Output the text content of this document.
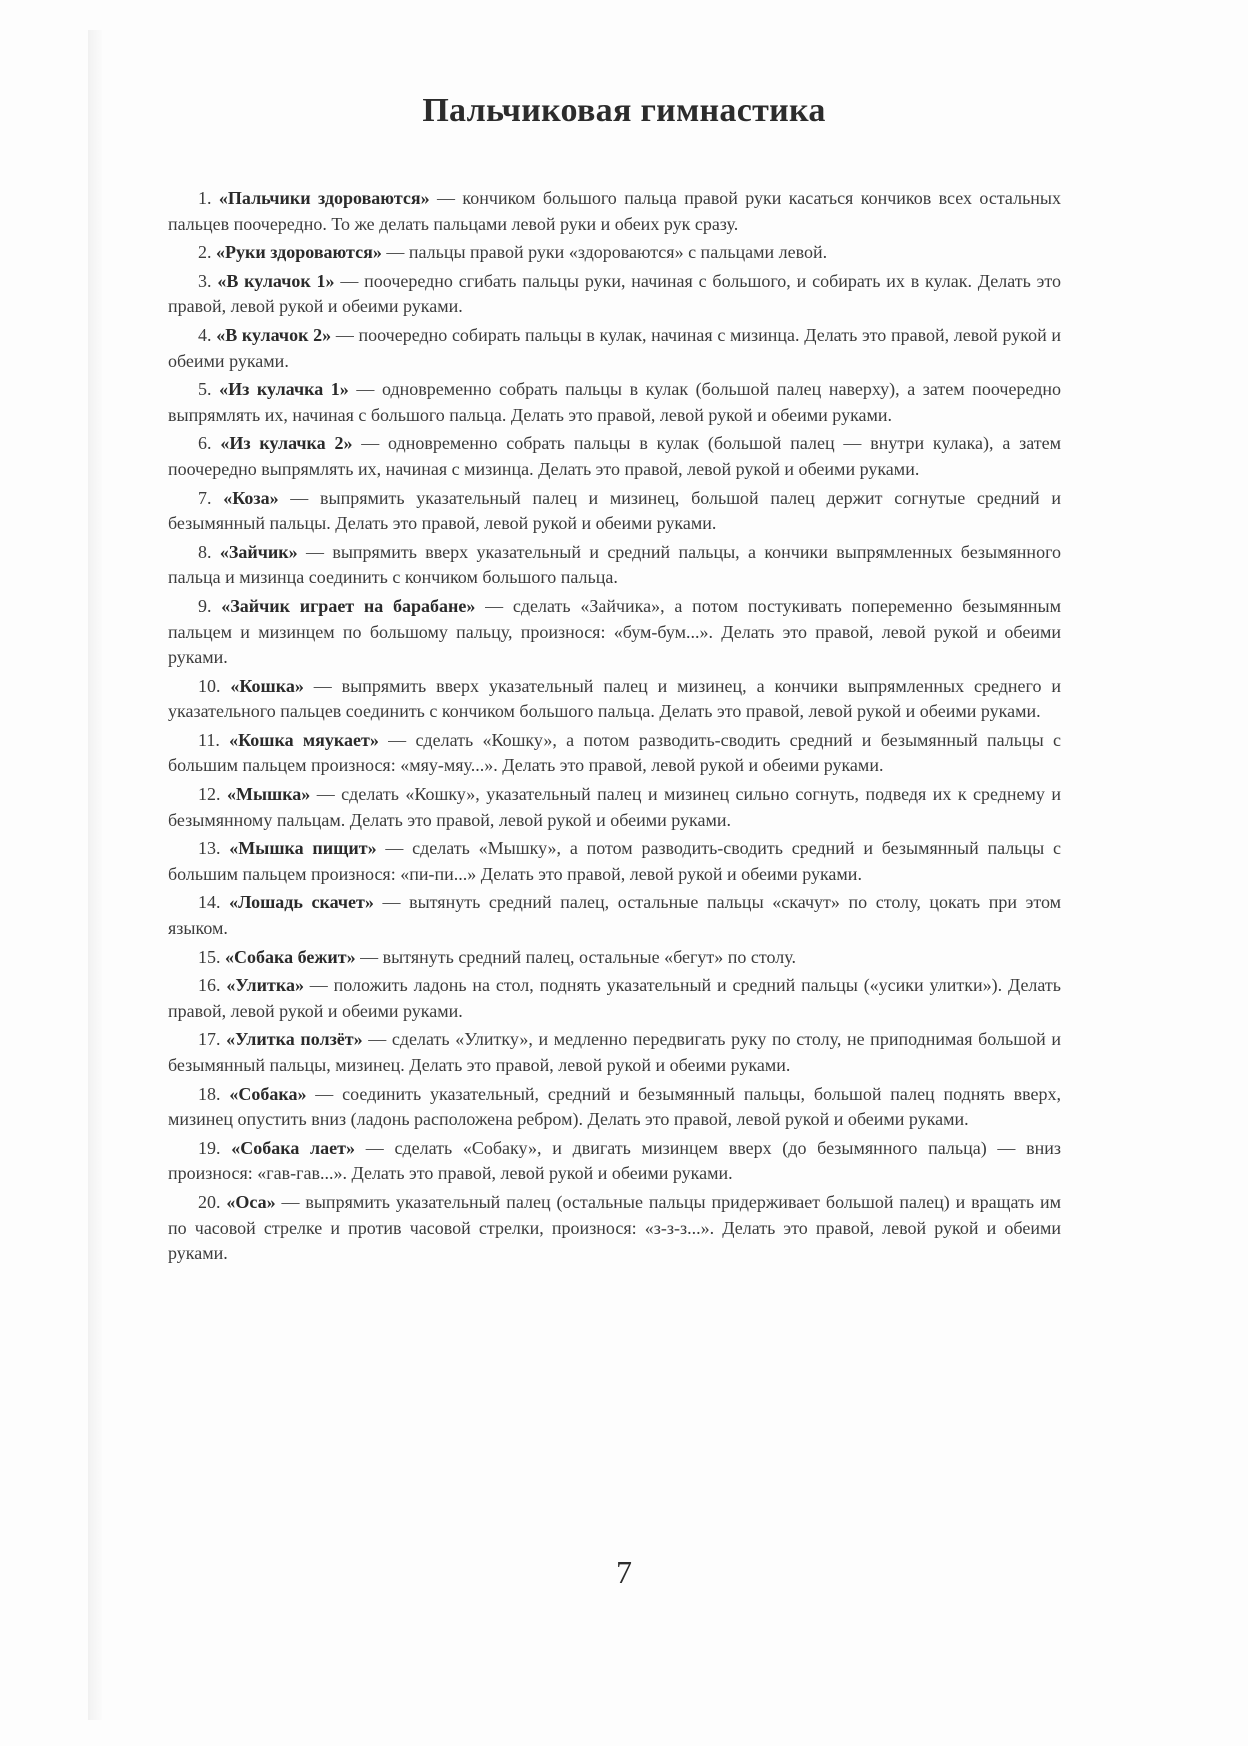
Пальчиковая гимнастика

1. «Пальчики здороваются» — кончиком большого пальца правой руки касаться кончиков всех остальных пальцев поочередно. То же делать пальцами левой руки и обеих рук сразу.

2. «Руки здороваются» — пальцы правой руки «здороваются» с пальцами левой.

3. «В кулачок 1» — поочередно сгибать пальцы руки, начиная с большого, и собирать их в кулак. Делать это правой, левой рукой и обеими руками.

4. «В кулачок 2» — поочередно собирать пальцы в кулак, начиная с мизинца. Делать это правой, левой рукой и обеими руками.

5. «Из кулачка 1» — одновременно собрать пальцы в кулак (большой палец наверху), а затем поочередно выпрямлять их, начиная с большого пальца. Делать это правой, левой рукой и обеими руками.

6. «Из кулачка 2» — одновременно собрать пальцы в кулак (большой палец — внутри кулака), а затем поочередно выпрямлять их, начиная с мизинца. Делать это правой, левой рукой и обеими руками.

7. «Коза» — выпрямить указательный палец и мизинец, большой палец держит согнутые средний и безымянный пальцы. Делать это правой, левой рукой и обеими руками.

8. «Зайчик» — выпрямить вверх указательный и средний пальцы, а кончики выпрямленных безымянного пальца и мизинца соединить с кончиком большого пальца.

9. «Зайчик играет на барабане» — сделать «Зайчика», а потом постукивать попеременно безымянным пальцем и мизинцем по большому пальцу, произнося: «бум-бум...». Делать это правой, левой рукой и обеими руками.

10. «Кошка» — выпрямить вверх указательный палец и мизинец, а кончики выпрямленных среднего и указательного пальцев соединить с кончиком большого пальца. Делать это правой, левой рукой и обеими руками.

11. «Кошка мяукает» — сделать «Кошку», а потом разводить-сводить средний и безымянный пальцы с большим пальцем произнося: «мяу-мяу...». Делать это правой, левой рукой и обеими руками.

12. «Мышка» — сделать «Кошку», указательный палец и мизинец сильно согнуть, подведя их к среднему и безымянному пальцам. Делать это правой, левой рукой и обеими руками.

13. «Мышка пищит» — сделать «Мышку», а потом разводить-сводить средний и безымянный пальцы с большим пальцем произнося: «пи-пи...» Делать это правой, левой рукой и обеими руками.

14. «Лошадь скачет» — вытянуть средний палец, остальные пальцы «скачут» по столу, цокать при этом языком.

15. «Собака бежит» — вытянуть средний палец, остальные «бегут» по столу.

16. «Улитка» — положить ладонь на стол, поднять указательный и средний пальцы («усики улитки»). Делать правой, левой рукой и обеими руками.

17. «Улитка ползёт» — сделать «Улитку», и медленно передвигать руку по столу, не приподнимая большой и безымянный пальцы, мизинец. Делать это правой, левой рукой и обеими руками.

18. «Собака» — соединить указательный, средний и безымянный пальцы, большой палец поднять вверх, мизинец опустить вниз (ладонь расположена ребром). Делать это правой, левой рукой и обеими руками.

19. «Собака лает» — сделать «Собаку», и двигать мизинцем вверх (до безымянного пальца) — вниз произнося: «гав-гав...». Делать это правой, левой рукой и обеими руками.

20. «Оса» — выпрямить указательный палец (остальные пальцы придерживает большой палец) и вращать им по часовой стрелке и против часовой стрелки, произнося: «з-з-з...». Делать это правой, левой рукой и обеими руками.

7
